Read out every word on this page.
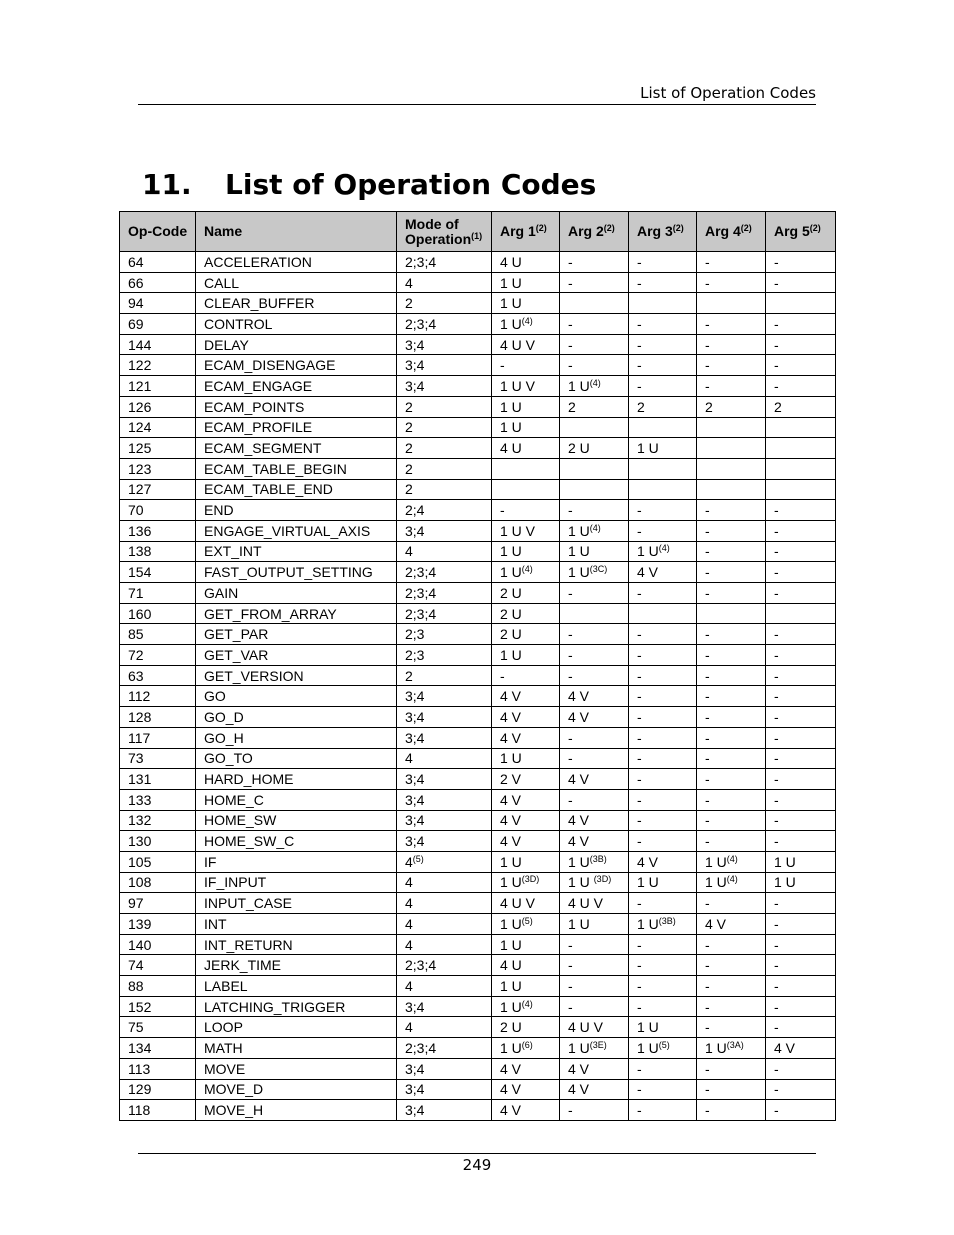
List of Operation Codes
11. List of Operation Codes
Op-Code	Name	Mode of Operation$^{(1)}$	Arg 1$^{(2)}$	Arg 2$^{(2)}$	Arg 3$^{(2)}$	Arg 4$^{(2)}$	Arg 5$^{(2)}$
64	ACCELERATION	2;3;4	4 U	-	-	-	-
66	CALL	4	1 U	-	-	-	-
94	CLEAR_BUFFER	2	1 U				
69	CONTROL	2;3;4	1 $U^{(4)}$	-	-	-	-
144	DELAY	3;4	4 U V	-	-	-	-
122	ECAM_DISENGAGE	3;4	-	-	-	-	-
121	ECAM_ENGAGE	3;4	1 U V	1 $U^{(4)}$	-	-	-
126	ECAM_POINTS	2	1 U	2	2	2	2
124	ECAM_PROFILE	2	1 U				
125	ECAM_SEGMENT	2	4 U	2 U	1 U		
123	ECAM_TABLE_BEGIN	2					
127	ECAM_TABLE_END	2					
70	END	2;4	-	-	-	-	-
136	ENGAGE_VIRTUAL_AXIS	3;4	1 U V	1 $U^{(4)}$	-	-	-
138	EXT_INT	4	1 U	1 U	1 $U^{(4)}$	-	-
154	FAST_OUTPUT_SETTING	2;3;4	1 $U^{(4)}$	1 $U^{(3C)}$	4 V	-	-
71	GAIN	2;3;4	2 U	-	-	-	-
160	GET_FROM_ARRAY	2;3;4	2 U				
85	GET_PAR	2;3	2 U	-	-	-	-
72	GET_VAR	2;3	1 U	-	-	-	-
63	GET_VERSION	2	-	-	-	-	-
112	GO	3;4	4 V	4 V	-	-	-
128	GO_D	3;4	4 V	4 V	-	-	-
117	GO_H	3;4	4 V	-	-	-	-
73	GO_TO	4	1 U	-	-	-	-
131	HARD_HOME	3;4	2 V	4 V	-	-	-
133	HOME_C	3;4	4 V	-	-	-	-
132	HOME_SW	3;4	4 V	4 V	-	-	-
130	HOME_SW_C	3;4	4 V	4 V	-	-	-
105	IF	4$^{(5)}$	1 U	1 $U^{(3B)}$	4 V	1 $U^{(4)}$	1 U
108	IF_INPUT	4	1 $U^{(3D)}$	1 U $^{(3D)}$	1 U	1 $U^{(4)}$	1 U
97	INPUT_CASE	4	4 U V	4 U V	-	-	-
139	INT	4	1 $U^{(5)}$	1 U	1 $U^{(3B)}$	4 V	-
140	INT_RETURN	4	1 U	-	-	-	-
74	JERK_TIME	2;3;4	4 U	-	-	-	-
88	LABEL	4	1 U	-	-	-	-
152	LATCHING_TRIGGER	3;4	1 $U^{(4)}$	-	-	-	-
75	LOOP	4	2 U	4 U V	1 U	-	-
134	MATH	2;3;4	1 $U^{(6)}$	1 $U^{(3E)}$	1 $U^{(5)}$	1 $U^{(3A)}$	4 V
113	MOVE	3;4	4 V	4 V	-	-	-
129	MOVE_D	3;4	4 V	4 V	-	-	-
118	MOVE_H	3;4	4 V	-	-	-	-
249
